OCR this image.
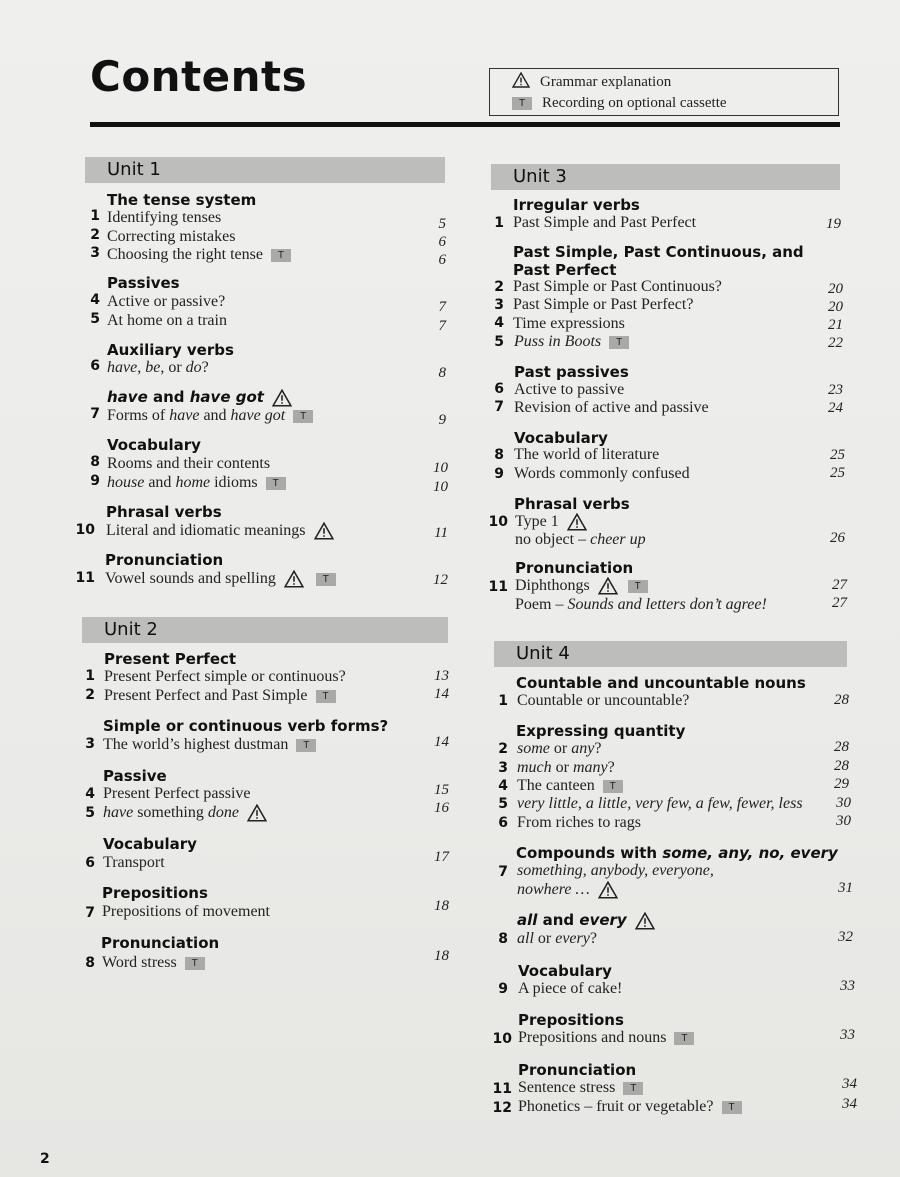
Contents	Grammar explanation
T	Recording on optional cassette
Unit 1
The tense system
1 Identifying tenses	5
2 Correcting mistakes	6
3 Choosing the right tense T	6
Passives
4 Active or passive?	7
5 At home on a train	7
Auxiliary verbs
6 have, be, or do?	8
have and have got
7 Forms of have and have got T	9
Vocabulary
8 Rooms and their contents	10
9 house and home idioms T	10
Phrasal verbs
10 Literal and idiomatic meanings	11
Pronunciation
11 Vowel sounds and spelling	T	12
Unit 2
Present Perfect
1 Present Perfect simple or continuous?	13
2 Present Perfect and Past Simple T	14
Simple or continuous verb forms?
3 The world’s highest dustman T	14
Passive
4 Present Perfect passive	15
5 have something done	16
Vocabulary
6 Transport	17
Prepositions
7 Prepositions of movement	18
Pronunciation
8 Word stress T	18
Unit 3
Irregular verbs
1 Past Simple and Past Perfect	19
Past Simple, Past Continuous, and
Past Perfect
2 Past Simple or Past Continuous?	20
3 Past Simple or Past Perfect?	20
4 Time expressions	21
5 Puss in Boots T	22
Past passives
6 Active to passive	23
7 Revision of active and passive	24
Vocabulary
8 The world of literature	25
9 Words commonly confused	25
Phrasal verbs
10 Type 1
no object – cheer up	26
Pronunciation
11 Diphthongs	T	27
Poem – Sounds and letters don’t agree!	27
Unit 4
Countable and uncountable nouns
1 Countable or uncountable?	28
Expressing quantity
2 some or any?	28
3 much or many?	28
4 The canteen T	29
5 very little, a little, very few, a few, fewer, less	30
6 From riches to rags	30
Compounds with some, any, no, every
7 something, anybody, everyone,
nowhere …	31
all and every
8 all or every?	32
Vocabulary
9 A piece of cake!	33
Prepositions
10 Prepositions and nouns T	33
Pronunciation
11 Sentence stress T	34
12 Phonetics – fruit or vegetable? T	34
2
